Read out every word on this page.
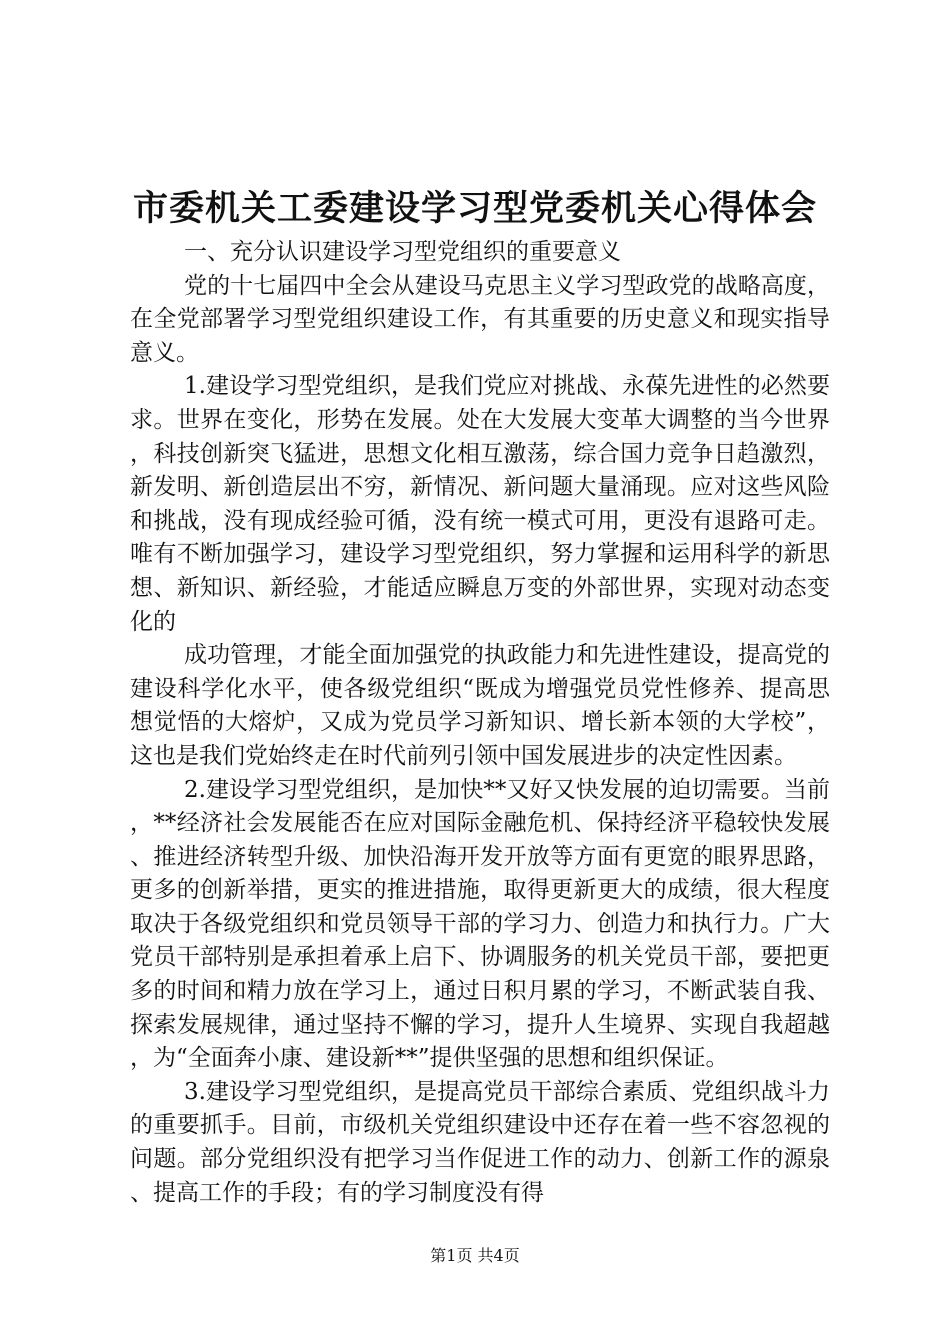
市委机关工委建设学习型党委机关心得体会

一、充分认识建设学习型党组织的重要意义

党的十七届四中全会从建设马克思主义学习型政党的战略高度，在全党部署学习型党组织建设工作，有其重要的历史意义和现实指导意义。

1.建设学习型党组织，是我们党应对挑战、永葆先进性的必然要求。世界在变化，形势在发展。处在大发展大变革大调整的当今世界，科技创新突飞猛进，思想文化相互激荡，综合国力竞争日趋激烈，新发明、新创造层出不穷，新情况、新问题大量涌现。应对这些风险和挑战，没有现成经验可循，没有统一模式可用，更没有退路可走。唯有不断加强学习，建设学习型党组织，努力掌握和运用科学的新思想、新知识、新经验，才能适应瞬息万变的外部世界，实现对动态变化的

成功管理，才能全面加强党的执政能力和先进性建设，提高党的建设科学化水平，使各级党组织“既成为增强党员党性修养、提高思想觉悟的大熔炉，又成为党员学习新知识、增长新本领的大学校”，这也是我们党始终走在时代前列引领中国发展进步的决定性因素。

2.建设学习型党组织，是加快**又好又快发展的迫切需要。当前，**经济社会发展能否在应对国际金融危机、保持经济平稳较快发展、推进经济转型升级、加快沿海开发开放等方面有更宽的眼界思路，更多的创新举措，更实的推进措施，取得更新更大的成绩，很大程度取决于各级党组织和党员领导干部的学习力、创造力和执行力。广大党员干部特别是承担着承上启下、协调服务的机关党员干部，要把更多的时间和精力放在学习上，通过日积月累的学习，不断武装自我、探索发展规律，通过坚持不懈的学习，提升人生境界、实现自我超越，为“全面奔小康、建设新**”提供坚强的思想和组织保证。

3.建设学习型党组织，是提高党员干部综合素质、党组织战斗力的重要抓手。目前，市级机关党组织建设中还存在着一些不容忽视的问题。部分党组织没有把学习当作促进工作的动力、创新工作的源泉、提高工作的手段；有的学习制度没有得

第1页 共4页
